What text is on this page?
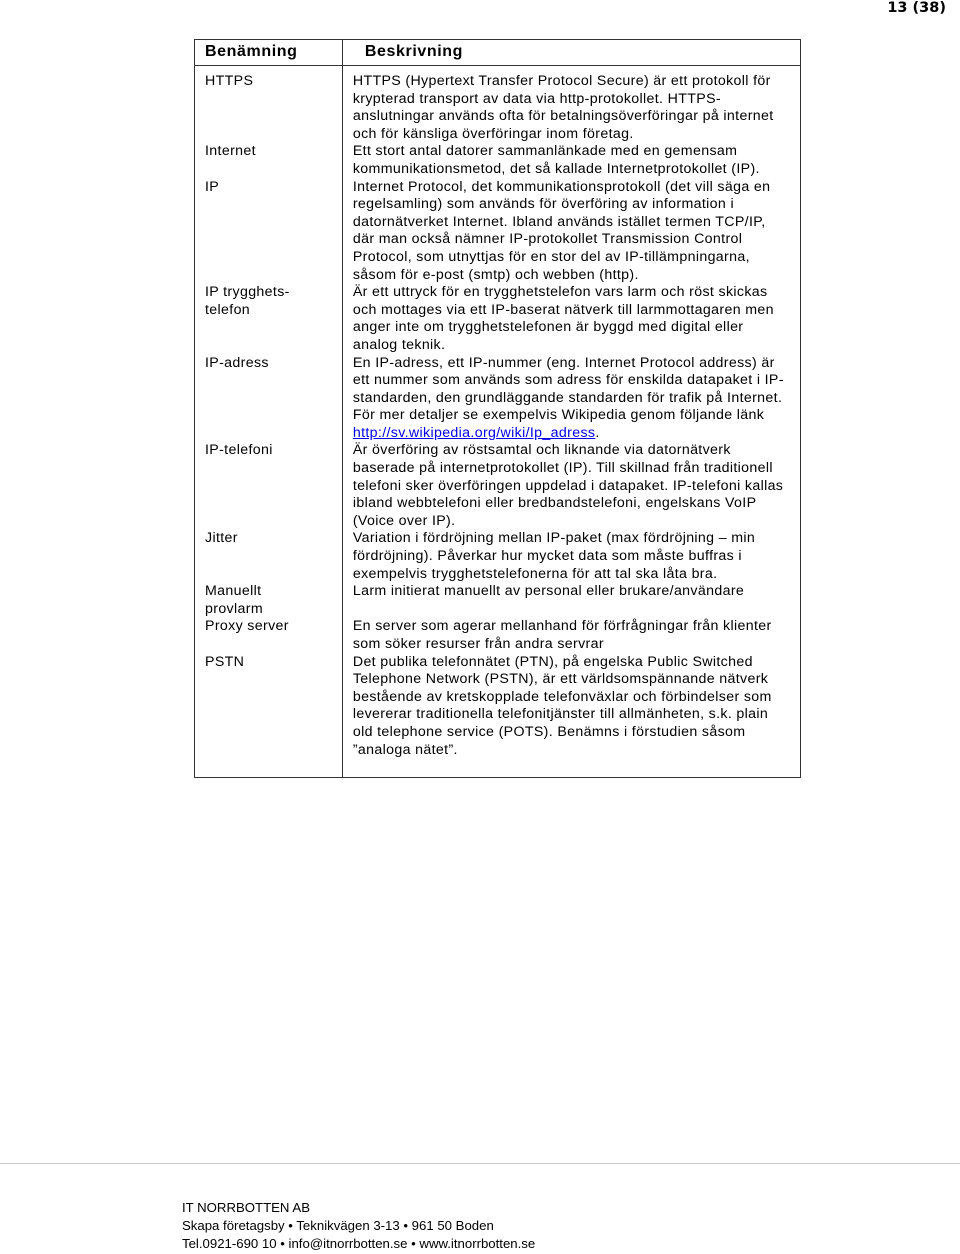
13 (38)
Benämning	Beskrivning
HTTPS	HTTPS (Hypertext Transfer Protocol Secure) är ett protokoll för krypterad transport av data via http-protokollet. HTTPS-anslutningar används ofta för betalningsöverföringar på internet och för känsliga överföringar inom företag.
Internet	Ett stort antal datorer sammanlänkade med en gemensam kommunikationsmetod, det så kallade Internetprotokollet (IP).
IP	Internet Protocol, det kommunikationsprotokoll (det vill säga en regelsamling) som används för överföring av information i datornätverket Internet. Ibland används istället termen TCP/IP, där man också nämner IP-protokollet Transmission Control Protocol, som utnyttjas för en stor del av IP-tillämpningarna, såsom för e-post (smtp) och webben (http).
IP trygghets-telefon	Är ett uttryck för en trygghetstelefon vars larm och röst skickas och mottages via ett IP-baserat nätverk till larmmottagaren men anger inte om trygghetstelefonen är byggd med digital eller analog teknik.
IP-adress	En IP-adress, ett IP-nummer (eng. Internet Protocol address) är ett nummer som används som adress för enskilda datapaket i IP-standarden, den grundläggande standarden för trafik på Internet. För mer detaljer se exempelvis Wikipedia genom följande länk http://sv.wikipedia.org/wiki/Ip_adress.
IP-telefoni	Är överföring av röstsamtal och liknande via datornätverk baserade på internetprotokollet (IP). Till skillnad från traditionell telefoni sker överföringen uppdelad i datapaket. IP-telefoni kallas ibland webbtelefoni eller bredbandstelefoni, engelskans VoIP (Voice over IP).
Jitter	Variation i fördröjning mellan IP-paket (max fördröjning – min fördröjning). Påverkar hur mycket data som måste buffras i exempelvis trygghetstelefonerna för att tal ska låta bra.
Manuellt provlarm	Larm initierat manuellt av personal eller brukare/användare
Proxy server	En server som agerar mellanhand för förfrågningar från klienter som söker resurser från andra servrar
PSTN	Det publika telefonnätet (PTN), på engelska Public Switched Telephone Network (PSTN), är ett världsomspännande nätverk bestående av kretskopplade telefonväxlar och förbindelser som levererar traditionella telefonitjänster till allmänheten, s.k. plain old telephone service (POTS). Benämns i förstudien såsom ”analoga nätet”.
IT NORRBOTTEN AB
Skapa företagsby • Teknikvägen 3-13 • 961 50 Boden
Tel.0921-690 10 • info@itnorrbotten.se • www.itnorrbotten.se
